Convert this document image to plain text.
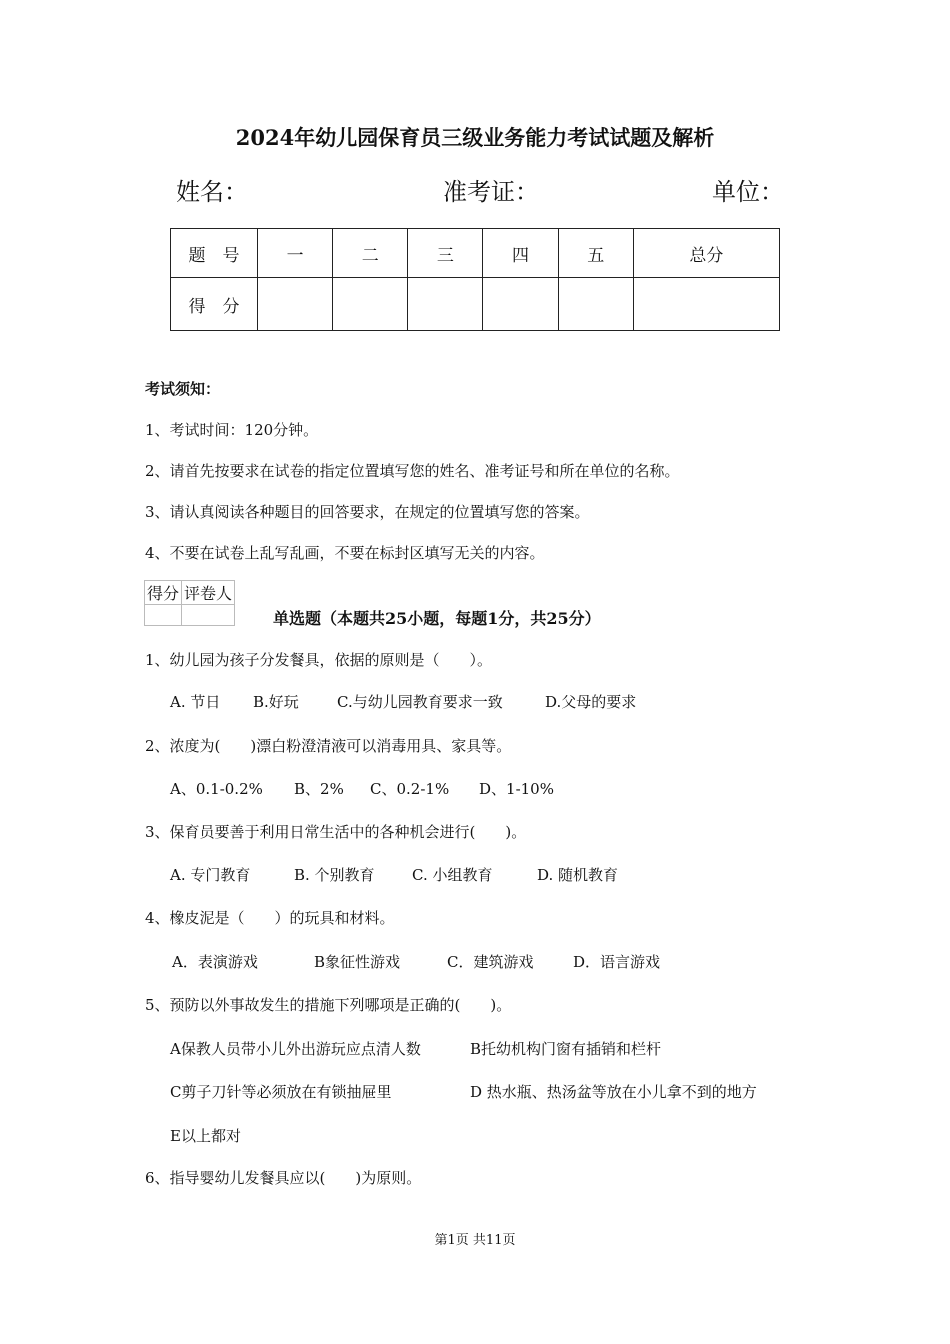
2024年幼儿园保育员三级业务能力考试试题及解析
姓名：	准考证：	单位：
题　号	一	二	三	四	五	总分
得　分						
考试须知：
1、考试时间：120分钟。
2、请首先按要求在试卷的指定位置填写您的姓名、准考证号和所在单位的名称。
3、请认真阅读各种题目的回答要求，在规定的位置填写您的答案。
4、不要在试卷上乱写乱画，不要在标封区填写无关的内容。
得分	评卷人

单选题（本题共25小题，每题1分，共25分）
1、幼儿园为孩子分发餐具，依据的原则是（　　）。
A. 节日 B.好玩	C.与幼儿园教育要求一致	D.父母的要求
2、浓度为(　　)漂白粉澄清液可以消毒用具、家具等。
A、0.1-0.2% B、2% C、0.2-1% D、1-10%
3、保育员要善于利用日常生活中的各种机会进行(　　)。
A. 专门教育	B. 个别教育 C. 小组教育	D. 随机教育
4、橡皮泥是（　　）的玩具和材料。
A．表演游戏	B象征性游戏	C．建筑游戏	D．语言游戏
5、预防以外事故发生的措施下列哪项是正确的(　　)。
A保教人员带小儿外出游玩应点清人数	B托幼机构门窗有插销和栏杆
C剪子刀针等必须放在有锁抽屉里	D 热水瓶、热汤盆等放在小儿拿不到的地方
E以上都对
6、指导婴幼儿发餐具应以(　　)为原则。
第1页 共11页
